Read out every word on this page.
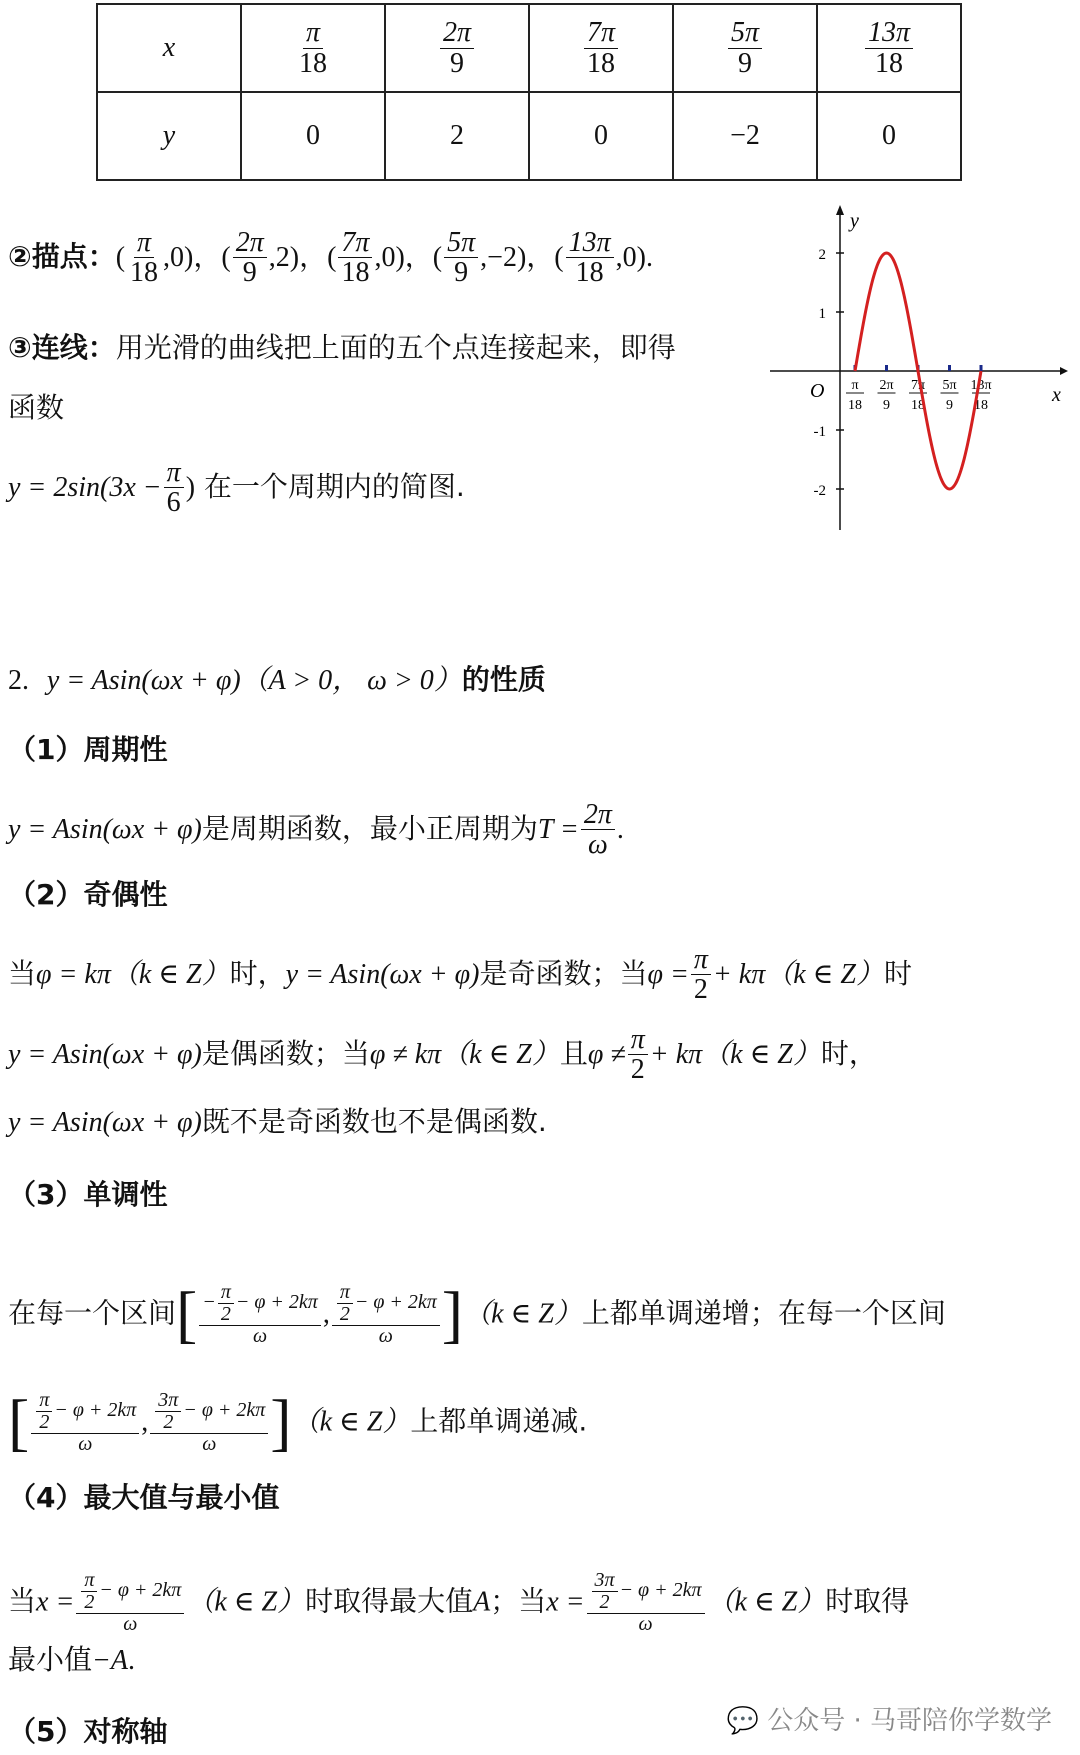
x	$\frac{\pi}{18}$	$\frac{2\pi}{9}$	$\frac{7\pi}{18}$	$\frac{5\pi}{9}$	$\frac{13\pi}{18}$

y	0	2	0	−2	0
②描点：( $\frac{\pi}{18} ,0$)，( $\frac{2\pi}{9} ,2$)，( $\frac{7\pi}{18} ,0$)，( $\frac{5\pi}{9} ,-2$)，( $\frac{13\pi}{18} ,0$).
③连线：用光滑的曲线把上面的五个点连接起来，即得
函数
$y = 2\sin(3x - \frac{\pi}{6}$ ) 在一个周期内的简图.
y
x
O
2
1
-1
-2
π
18
2π
9
7π
18
5π
9
13π
18
2. y = Asin(ωx + φ)（A > 0， ω > 0）的性质
（1）周期性
y = Asin(ωx + φ)是周期函数，最小正周期为$T = \frac{2\pi}{\omega}$ .
（2）奇偶性
当φ = kπ（k ∈ Z）时，y = Asin(ωx + φ)是奇函数；当$\varphi = \frac{\pi}{2} + k\pi(k$ ∈ Z）时
y = Asin(ωx + φ)是偶函数；当φ ≠ kπ（k ∈ Z）且$\varphi \ne \frac{\pi}{2} + k\pi(k$ ∈ Z）时，
y = Asin(ωx + φ)既不是奇函数也不是偶函数.
（3）单调性
在每一个区间[ $\frac{- \frac{\pi}{2} - \varphi + 2k\pi}{\omega}$ , $\frac{\frac{\pi}{2} - \varphi + 2k\pi}{\omega} ](k$ ∈ Z）上都单调递增；在每一个区间
[ $\frac{\frac{\pi}{2} - \varphi + 2k\pi}{\omega}$ , $\frac{\frac{3\pi}{2} - \varphi + 2k\pi}{\omega} ](k$ ∈ Z）上都单调递减.
（4）最大值与最小值
当$x = \frac{\frac{\pi}{2} - \varphi + 2k\pi}{\omega} (k$ ∈ Z）时取得最大值A；当$x = \frac{\frac{3\pi}{2} - \varphi + 2k\pi}{\omega} (k$ ∈ Z）时取得
最小值−A.
（5）对称轴	💬 公众号 · 马哥陪你学数学
